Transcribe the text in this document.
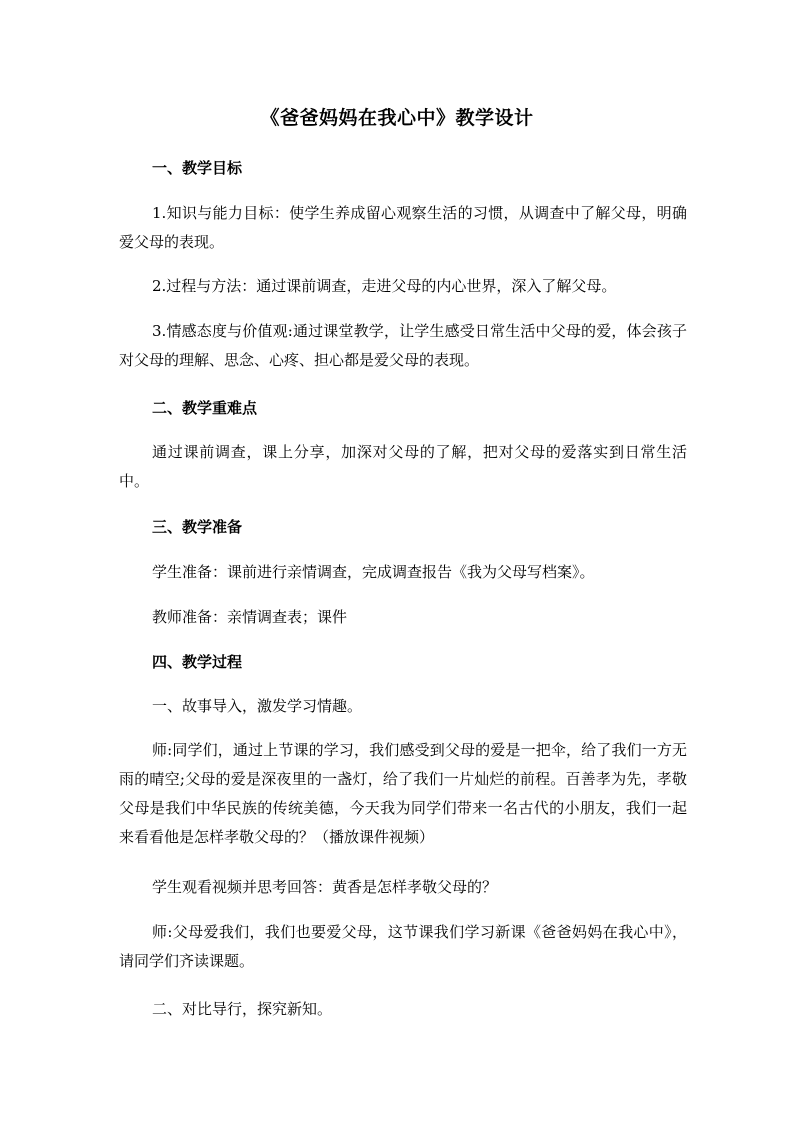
《爸爸妈妈在我心中》教学设计
一、教学目标
1.知识与能力目标：使学生养成留心观察生活的习惯，从调查中了解父母，明确爱父母的表现。
2.过程与方法：通过课前调查，走进父母的内心世界，深入了解父母。
3.情感态度与价值观:通过课堂教学，让学生感受日常生活中父母的爱，体会孩子对父母的理解、思念、心疼、担心都是爱父母的表现。
二、教学重难点
通过课前调查，课上分享，加深对父母的了解，把对父母的爱落实到日常生活中。
三、教学准备
学生准备：课前进行亲情调查，完成调查报告《我为父母写档案》。
教师准备：亲情调查表；课件
四、教学过程
一、故事导入，激发学习情趣。
师:同学们，通过上节课的学习，我们感受到父母的爱是一把伞，给了我们一方无雨的晴空;父母的爱是深夜里的一盏灯，给了我们一片灿烂的前程。百善孝为先，孝敬父母是我们中华民族的传统美德，今天我为同学们带来一名古代的小朋友，我们一起来看看他是怎样孝敬父母的？（播放课件视频）
学生观看视频并思考回答：黄香是怎样孝敬父母的？
师:父母爱我们，我们也要爱父母，这节课我们学习新课《爸爸妈妈在我心中》，请同学们齐读课题。
二、对比导行，探究新知。
